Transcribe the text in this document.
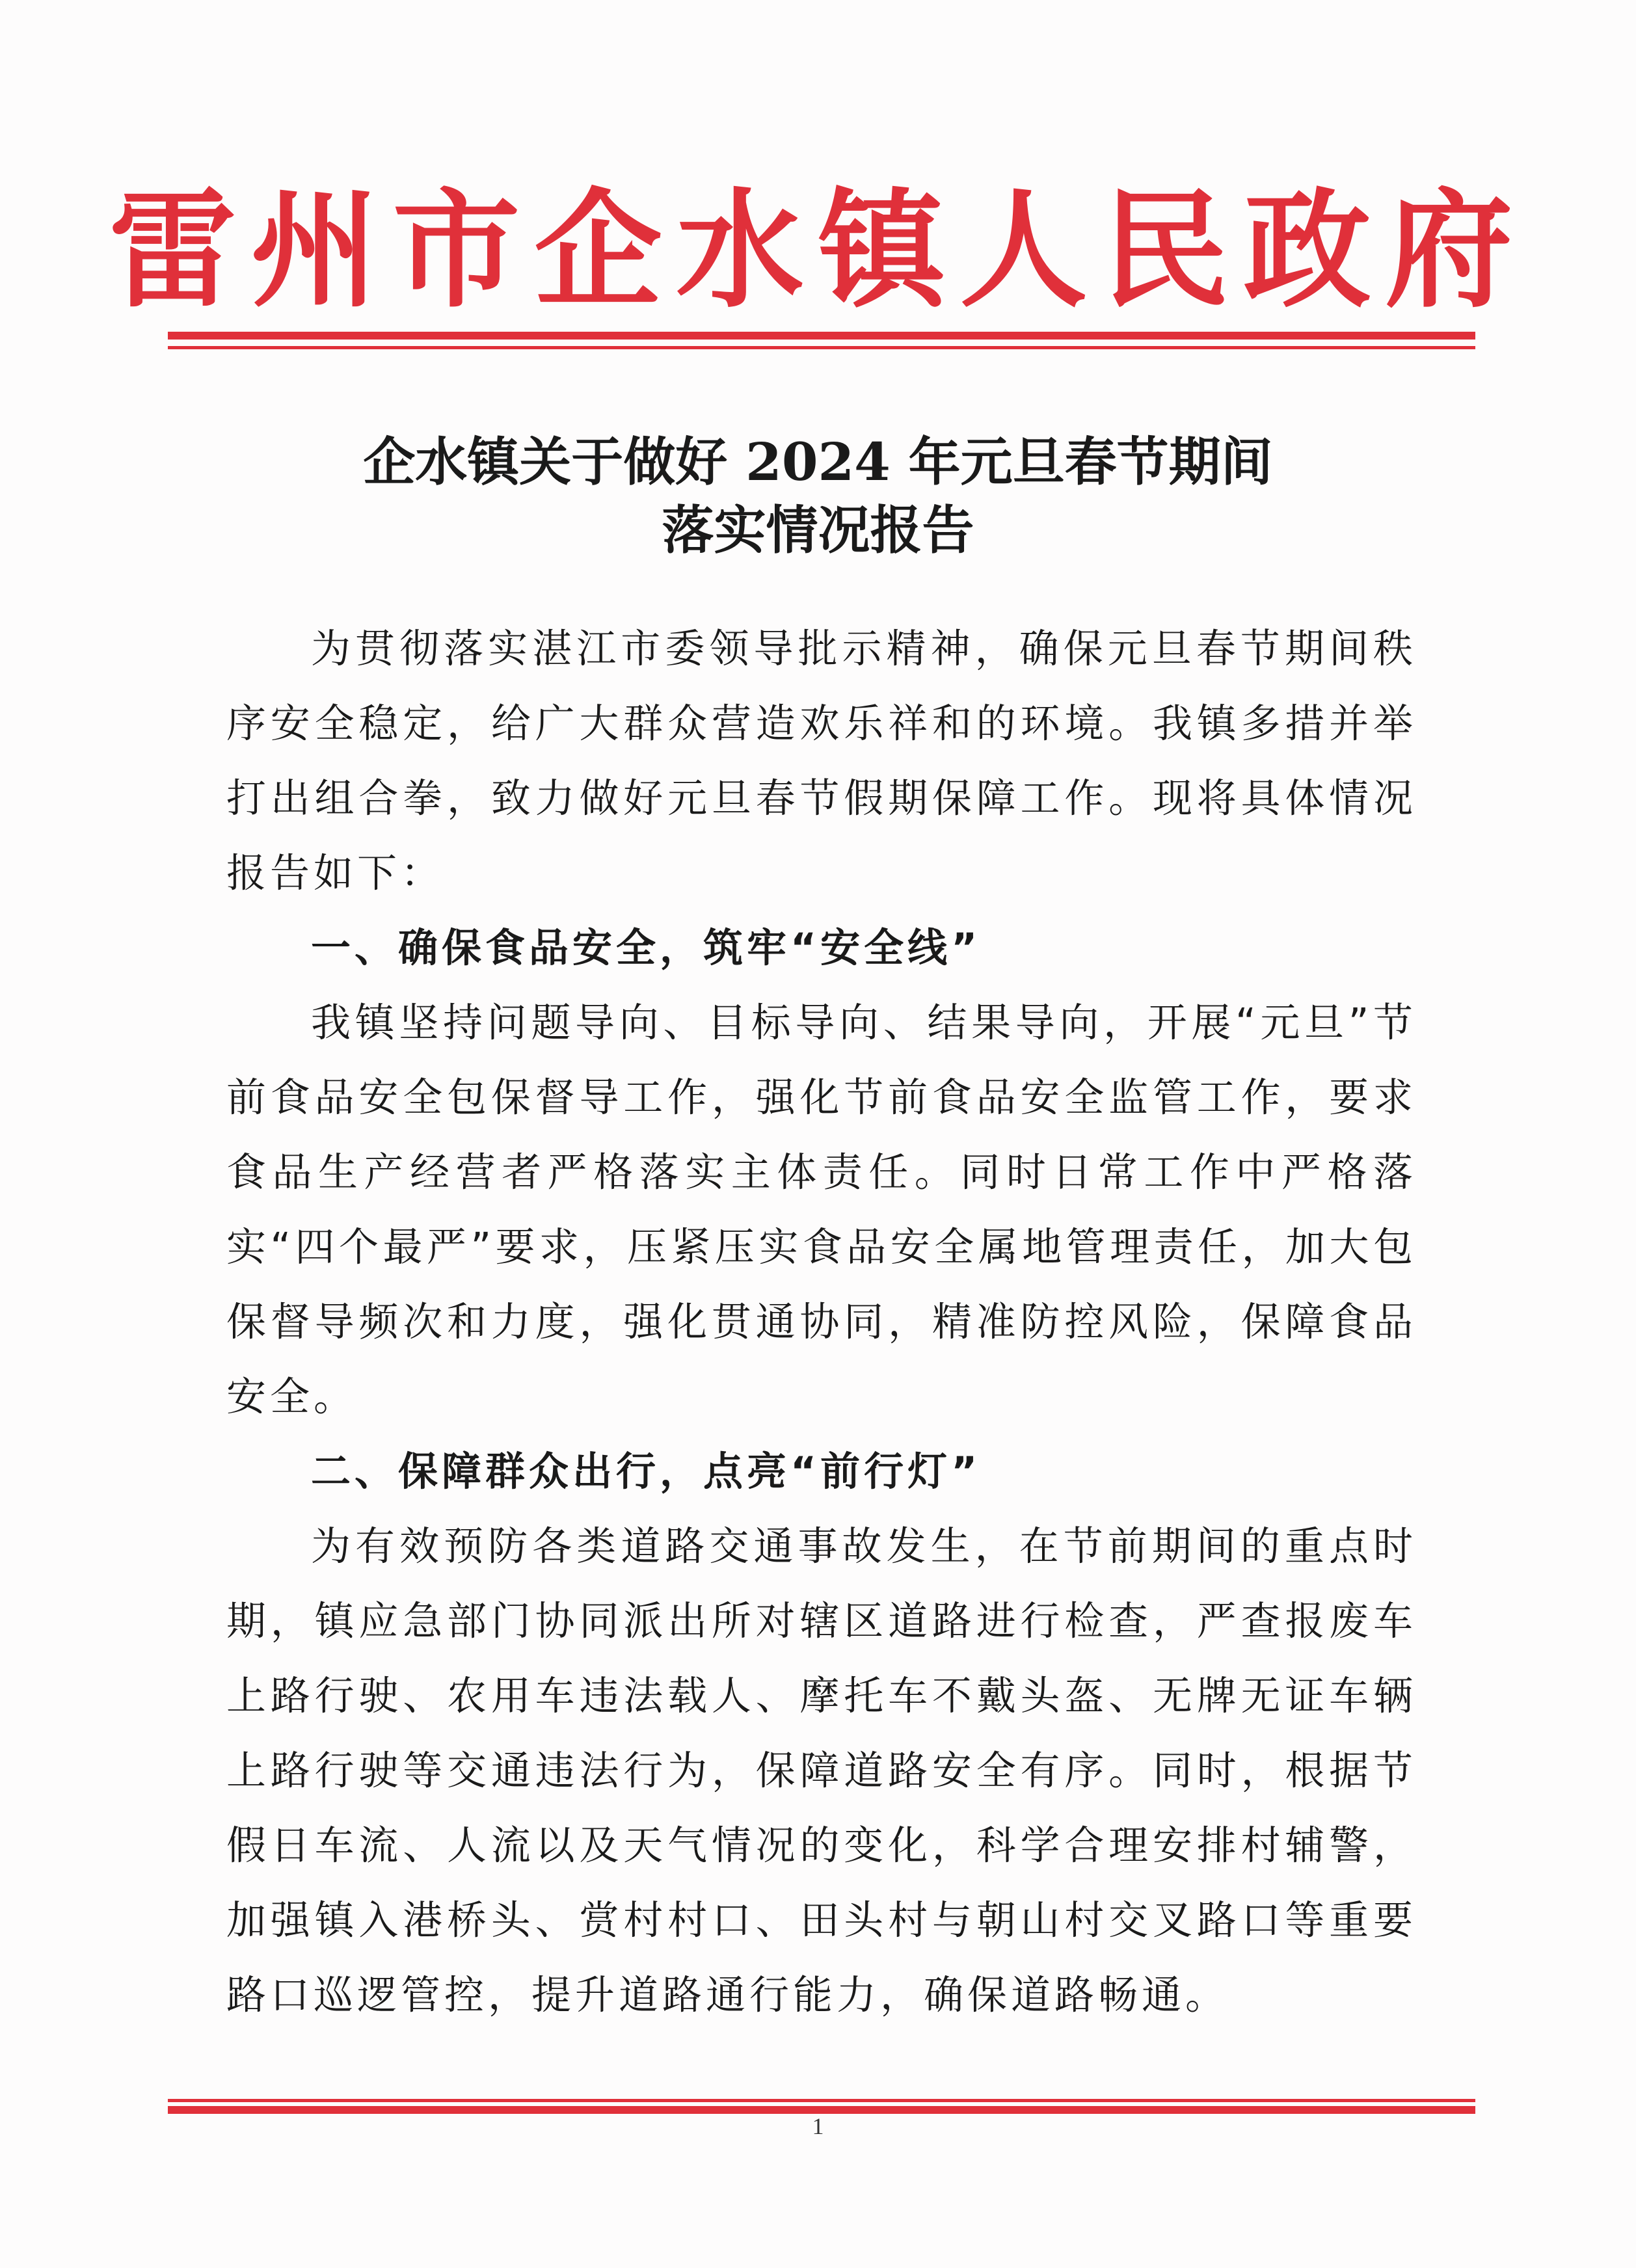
雷州市企水镇人民政府
企水镇关于做好 2024 年元旦春节期间
落实情况报告

为贯彻落实湛江市委领导批示精神，确保元旦春节期间秩序安全稳定，给广大群众营造欢乐祥和的环境。我镇多措并举打出组合拳，致力做好元旦春节假期保障工作。现将具体情况报告如下：

一、确保食品安全，筑牢“安全线”

我镇坚持问题导向、目标导向、结果导向，开展“元旦”节前食品安全包保督导工作，强化节前食品安全监管工作，要求食品生产经营者严格落实主体责任。同时日常工作中严格落实“四个最严”要求，压紧压实食品安全属地管理责任，加大包保督导频次和力度，强化贯通协同，精准防控风险，保障食品安全。

二、保障群众出行，点亮“前行灯”

为有效预防各类道路交通事故发生，在节前期间的重点时期，镇应急部门协同派出所对辖区道路进行检查，严查报废车上路行驶、农用车违法载人、摩托车不戴头盔、无牌无证车辆上路行驶等交通违法行为，保障道路安全有序。同时，根据节假日车流、人流以及天气情况的变化，科学合理安排村辅警，加强镇入港桥头、赏村村口、田头村与朝山村交叉路口等重要路口巡逻管控，提升道路通行能力，确保道路畅通。

1
